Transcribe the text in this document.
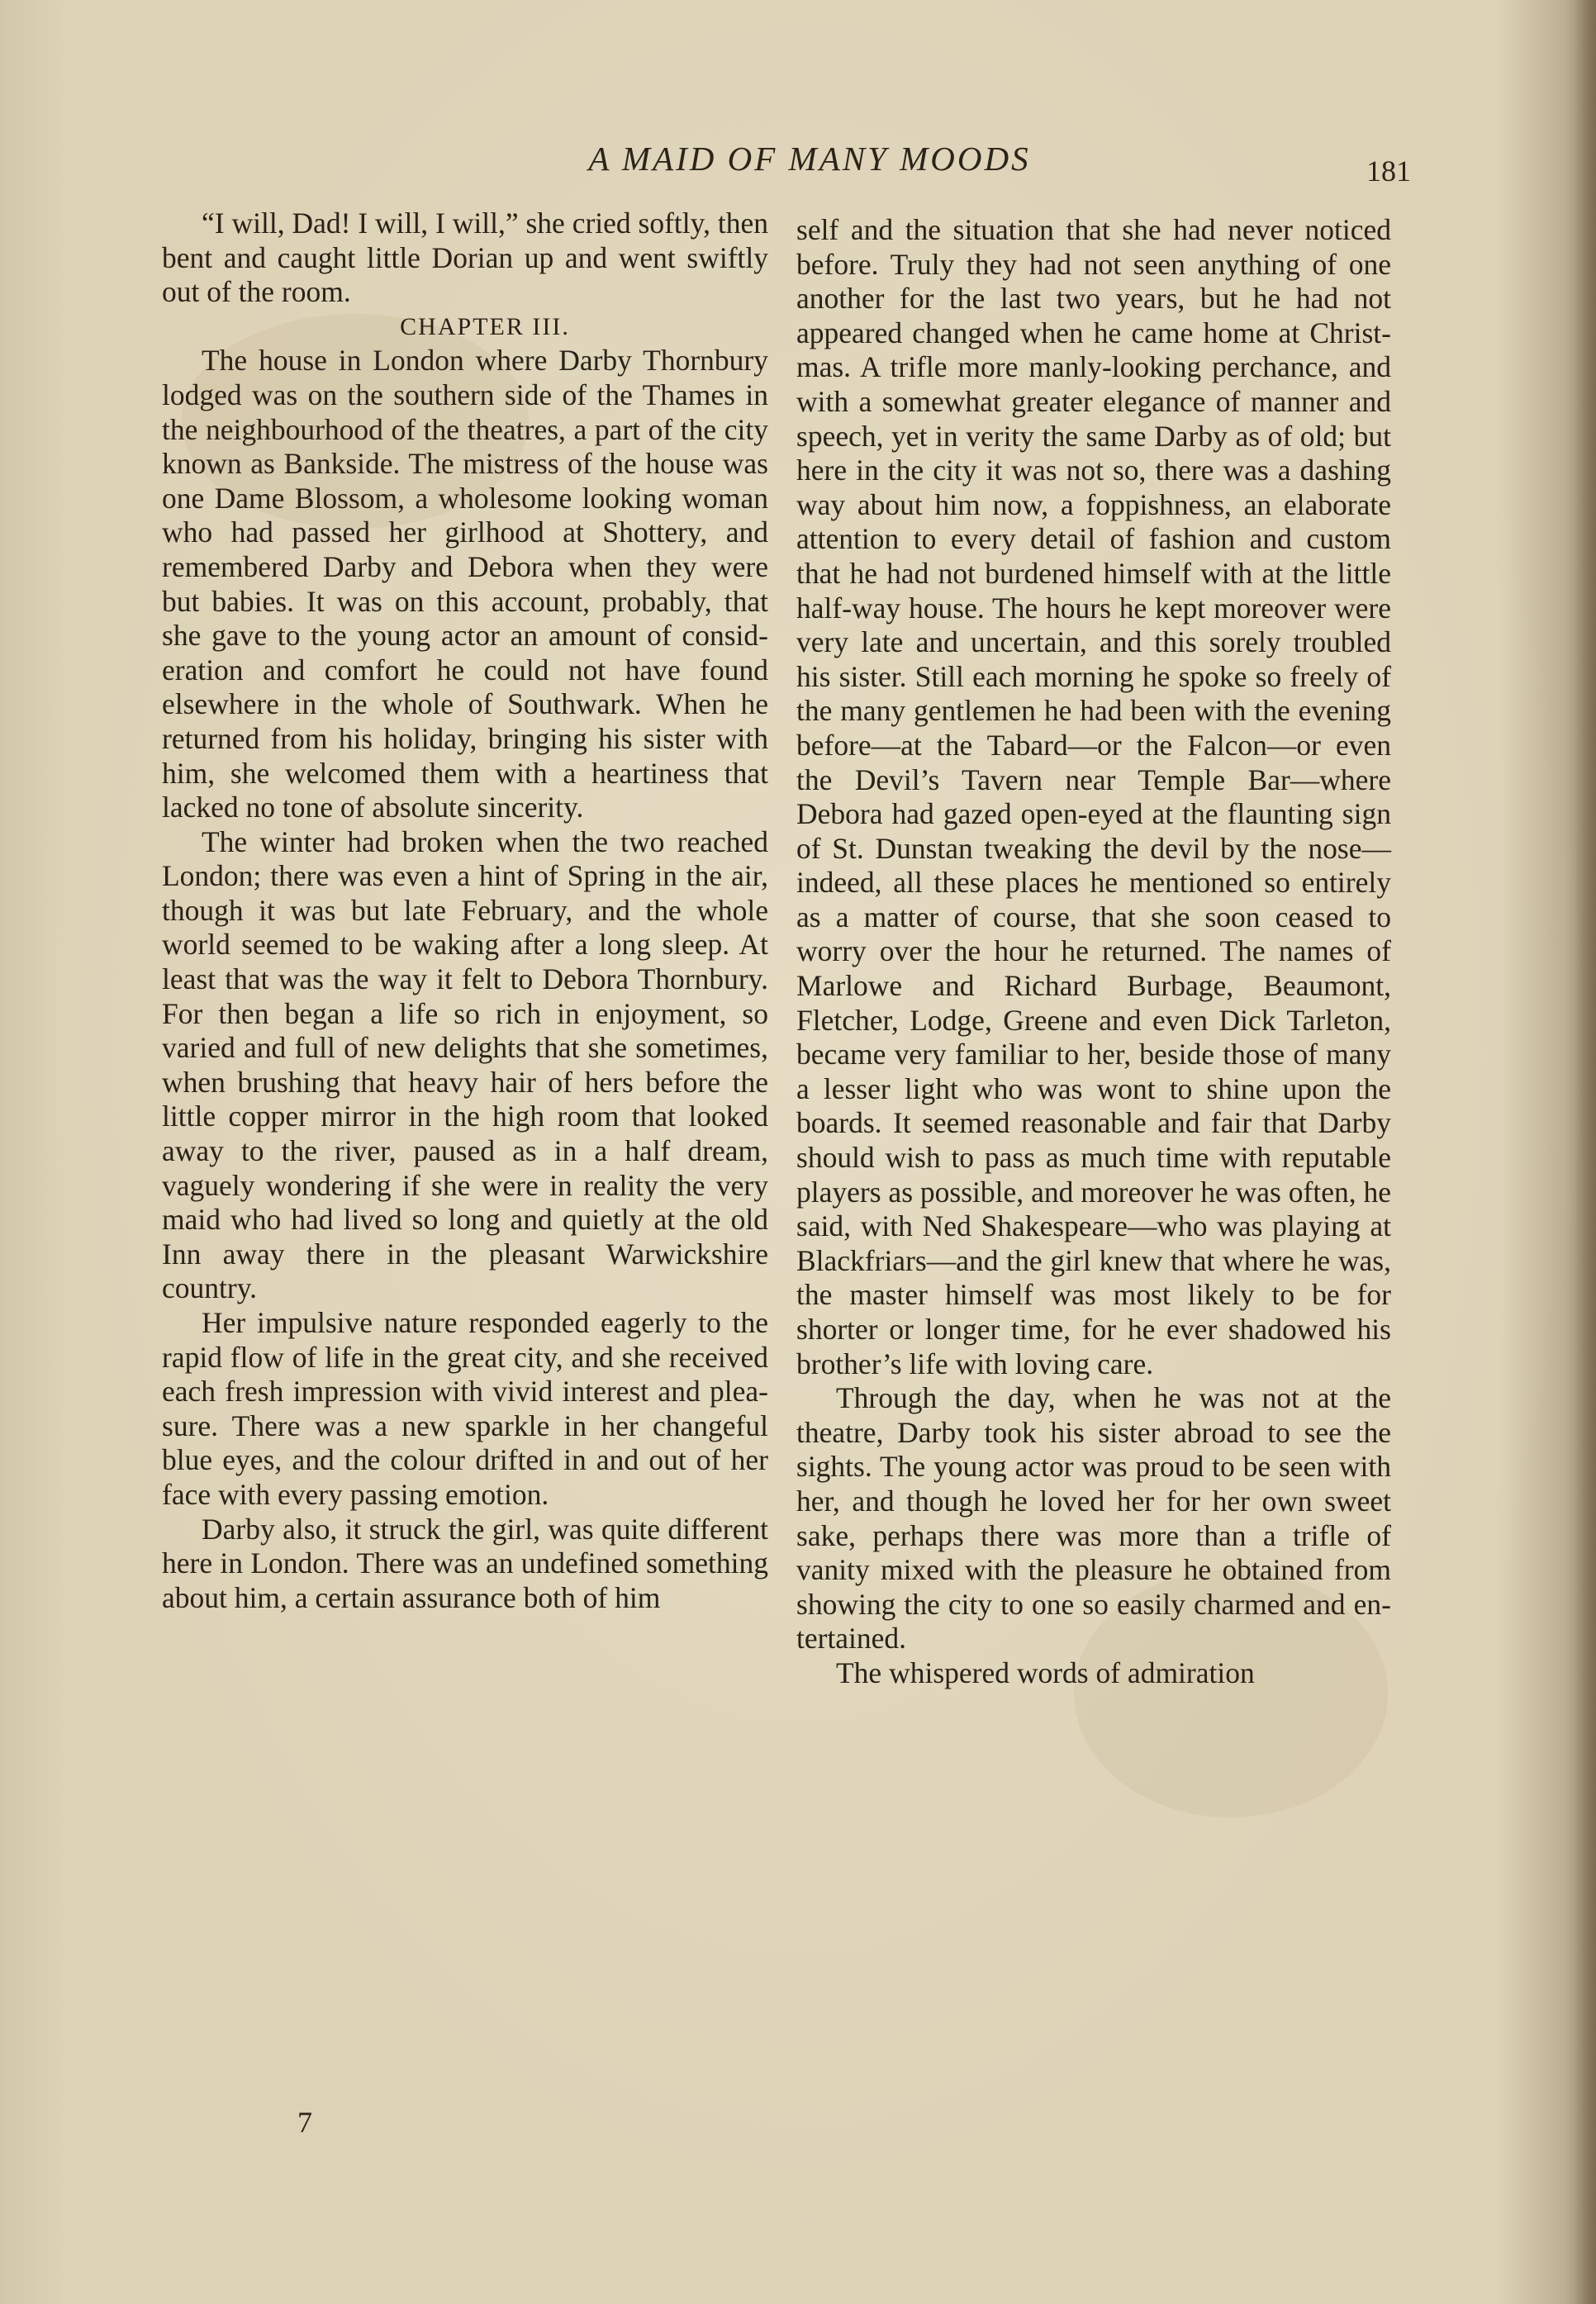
A MAID OF MANY MOODS	181

“I will, Dad! I will, I will,” she cried softly, then bent and caught little Dorian up and went swiftly out of the room.

CHAPTER III.

The house in London where Darby Thornbury lodged was on the southern side of the Thames in the neighbourhood of the theatres, a part of the city known as Bankside. The mistress of the house was one Dame Blossom, a wholesome looking woman who had passed her girlhood at Shottery, and remembered Darby and Debora when they were but babies. It was on this account, probably, that she gave to the young actor an amount of consideration and comfort he could not have found elsewhere in the whole of Southwark. When he returned from his holiday, bringing his sister with him, she welcomed them with a heartiness that lacked no tone of absolute sincerity.

The winter had broken when the two reached London; there was even a hint of Spring in the air, though it was but late February, and the whole world seemed to be waking after a long sleep. At least that was the way it felt to Debora Thornbury. For then began a life so rich in enjoyment, so varied and full of new delights that she sometimes, when brushing that heavy hair of hers before the little copper mirror in the high room that looked away to the river, paused as in a half dream, vaguely wondering if she were in reality the very maid who had lived so long and quietly at the old Inn away there in the pleasant Warwickshire country.

Her impulsive nature responded eagerly to the rapid flow of life in the great city, and she received each fresh impression with vivid interest and pleasure. There was a new sparkle in her changeful blue eyes, and the colour drifted in and out of her face with every passing emotion.

Darby also, it struck the girl, was quite different here in London. There was an undefined something about him, a certain assurance both of him

self and the situation that she had never noticed before. Truly they had not seen anything of one another for the last two years, but he had not appeared changed when he came home at Christmas. A trifle more manly-looking perchance, and with a somewhat greater elegance of manner and speech, yet in verity the same Darby as of old; but here in the city it was not so, there was a dashing way about him now, a foppishness, an elaborate attention to every detail of fashion and custom that he had not burdened himself with at the little half-way house. The hours he kept moreover were very late and uncertain, and this sorely troubled his sister. Still each morning he spoke so freely of the many gentlemen he had been with the evening before—at the Tabard—or the Falcon—or even the Devil’s Tavern near Temple Bar—where Debora had gazed open-eyed at the flaunting sign of St. Dunstan tweaking the devil by the nose—indeed, all these places he mentioned so entirely as a matter of course, that she soon ceased to worry over the hour he returned. The names of Marlowe and Richard Burbage, Beaumont, Fletcher, Lodge, Greene and even Dick Tarleton, became very familiar to her, beside those of many a lesser light who was wont to shine upon the boards. It seemed reasonable and fair that Darby should wish to pass as much time with reputable players as possible, and moreover he was often, he said, with Ned Shakespeare—who was playing at Blackfriars—and the girl knew that where he was, the master himself was most likely to be for shorter or longer time, for he ever shadowed his brother’s life with loving care.

Through the day, when he was not at the theatre, Darby took his sister abroad to see the sights. The young actor was proud to be seen with her, and though he loved her for her own sweet sake, perhaps there was more than a trifle of vanity mixed with the pleasure he obtained from showing the city to one so easily charmed and entertained.

The whispered words of admiration

7
